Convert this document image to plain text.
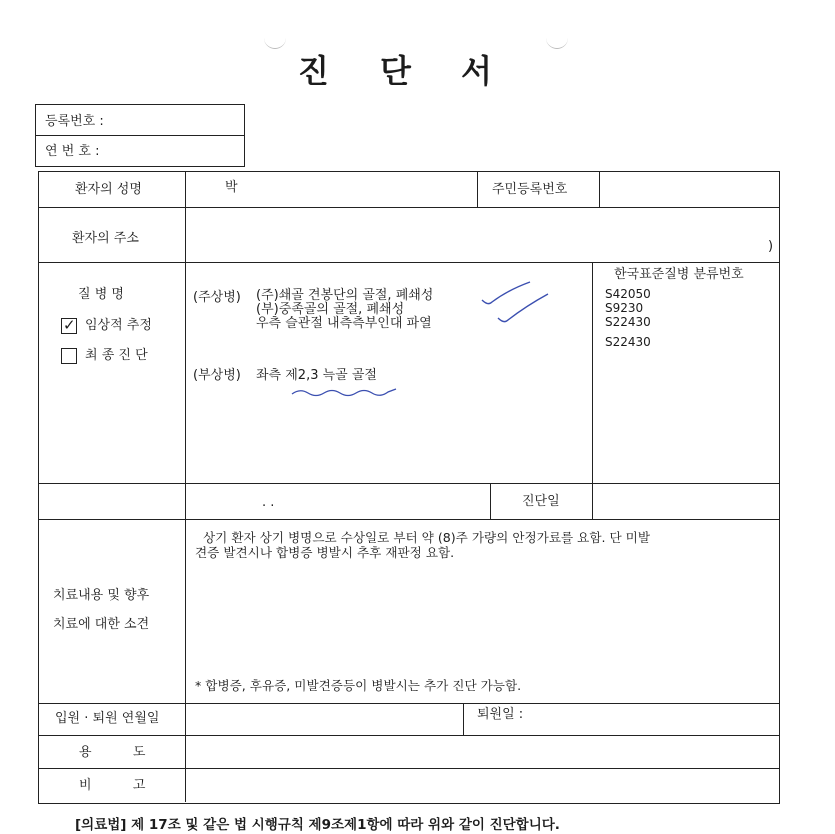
진 단 서
등록번호 :
연 번 호 :
환자의 성명	박	주민등록번호
환자의 주소
)
질 병 명
✓ 임상적 추정
최 종 진 단
(주상병) (주)쇄골 견봉단의 골절, 폐쇄성
(부)중족골의 골절, 폐쇄성
우측 슬관절 내측측부인대 파열
(부상병) 좌측 제2,3 늑골 골절
한국표준질병 분류번호
S42050
S9230
S22430
S22430
. .	진단일
치료내용 및 향후
치료에 대한 소견
상기 환자 상기 병명으로 수상일로 부터 약 (8)주 가량의 안정가료를 요함. 단 미발
견증 발견시나 합병증 병발시 추후 재판정 요함.
* 합병증, 후유증, 미발견증등이 병발시는 추가 진단 가능함.
입원 · 퇴원 연월일	퇴원일 :
용          도
비          고
[의료법] 제 17조 및 같은 법 시행규칙 제9조제1항에 따라 위와 같이 진단합니다.
